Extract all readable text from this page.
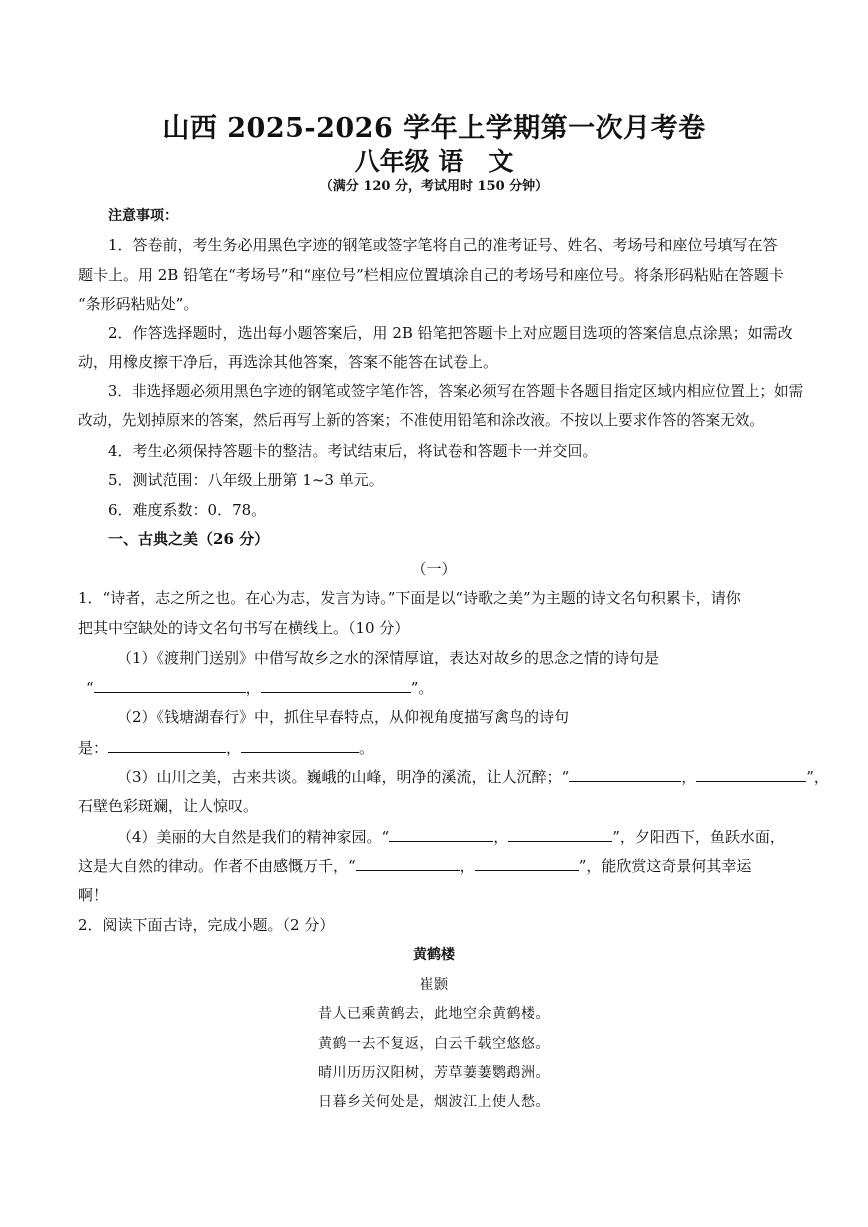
山西 2025-2026 学年上学期第一次月考卷
八年级 语　文
（满分 120 分，考试用时 150 分钟）
注意事项：
1．答卷前，考生务必用黑色字迹的钢笔或签字笔将自己的准考证号、姓名、考场号和座位号填写在答
题卡上。用 2B 铅笔在“考场号”和“座位号”栏相应位置填涂自己的考场号和座位号。将条形码粘贴在答题卡
“条形码粘贴处”。
2．作答选择题时，选出每小题答案后，用 2B 铅笔把答题卡上对应题目选项的答案信息点涂黑；如需改
动，用橡皮擦干净后，再选涂其他答案，答案不能答在试卷上。
3．非选择题必须用黑色字迹的钢笔或签字笔作答，答案必须写在答题卡各题目指定区域内相应位置上；如需
改动，先划掉原来的答案，然后再写上新的答案；不准使用铅笔和涂改液。不按以上要求作答的答案无效。
4．考生必须保持答题卡的整洁。考试结束后，将试卷和答题卡一并交回。
5．测试范围：八年级上册第 1~3 单元。
6．难度系数：0．78。
一、古典之美（26 分）
（一）
1．“诗者，志之所之也。在心为志，发言为诗。”下面是以“诗歌之美”为主题的诗文名句积累卡，请你
把其中空缺处的诗文名句书写在横线上。（10 分）
（1）《渡荆门送别》中借写故乡之水的深情厚谊，表达对故乡的思念之情的诗句是
“	，	”。
（2）《钱塘湖春行》中，抓住早春特点，从仰视角度描写禽鸟的诗句
是：	，	。
（3）山川之美，古来共谈。巍峨的山峰，明净的溪流，让人沉醉；“	，	”，
石壁色彩斑斓，让人惊叹。
（4）美丽的大自然是我们的精神家园。“	，	”，夕阳西下，鱼跃水面，
这是大自然的律动。作者不由感慨万千，“	，	”，能欣赏这奇景何其幸运
啊！
2．阅读下面古诗，完成小题。（2 分）
黄鹤楼
崔颢
昔人已乘黄鹤去，此地空余黄鹤楼。
黄鹤一去不复返，白云千载空悠悠。
晴川历历汉阳树，芳草萋萋鹦鹉洲。
日暮乡关何处是，烟波江上使人愁。
